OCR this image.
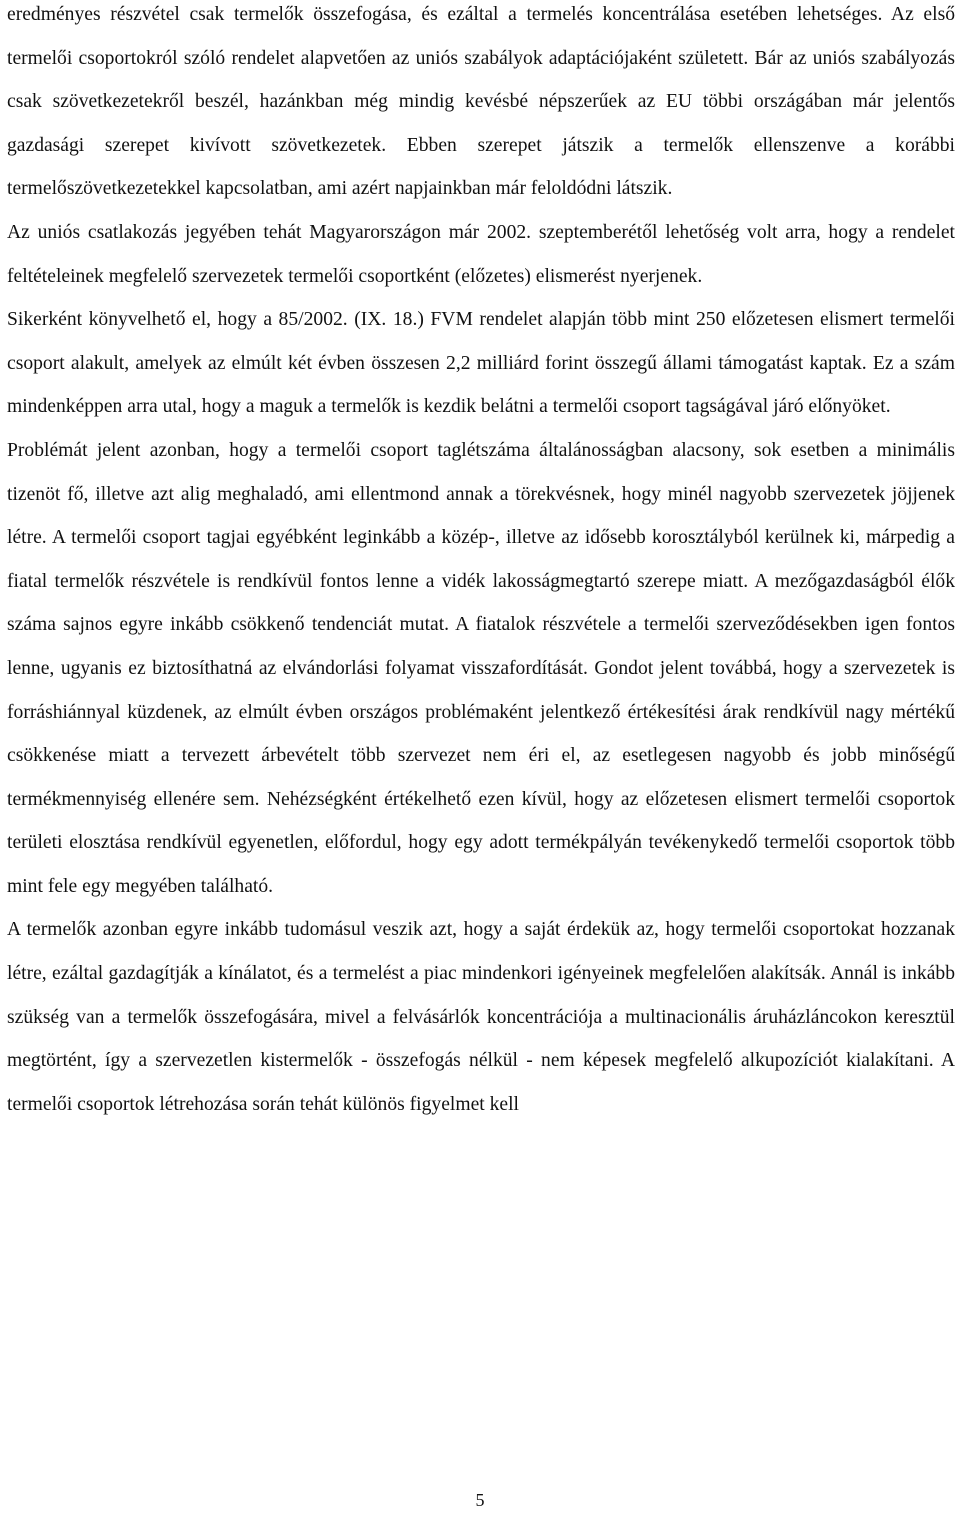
eredményes részvétel csak termelők összefogása, és ezáltal a termelés koncentrálása esetében lehetséges. Az első termelői csoportokról szóló rendelet alapvetően az uniós szabályok adaptációjaként született. Bár az uniós szabályozás csak szövetkezetekről beszél, hazánkban még mindig kevésbé népszerűek az EU többi országában már jelentős gazdasági szerepet kivívott szövetkezetek. Ebben szerepet játszik a termelők ellenszenve a korábbi termelőszövetkezetekkel kapcsolatban, ami azért napjainkban már feloldódni látszik.

Az uniós csatlakozás jegyében tehát Magyarországon már 2002. szeptemberétől lehetőség volt arra, hogy a rendelet feltételeinek megfelelő szervezetek termelői csoportként (előzetes) elismerést nyerjenek.

Sikerként könyvelhető el, hogy a 85/2002. (IX. 18.) FVM rendelet alapján több mint 250 előzetesen elismert termelői csoport alakult, amelyek az elmúlt két évben összesen 2,2 milliárd forint összegű állami támogatást kaptak. Ez a szám mindenképpen arra utal, hogy a maguk a termelők is kezdik belátni a termelői csoport tagságával járó előnyöket.

Problémát jelent azonban, hogy a termelői csoport taglétszáma általánosságban alacsony, sok esetben a minimális tizenöt fő, illetve azt alig meghaladó, ami ellentmond annak a törekvésnek, hogy minél nagyobb szervezetek jöjjenek létre. A termelői csoport tagjai egyébként leginkább a közép-, illetve az idősebb korosztályból kerülnek ki, márpedig a fiatal termelők részvétele is rendkívül fontos lenne a vidék lakosságmegtartó szerepe miatt. A mezőgazdaságból élők száma sajnos egyre inkább csökkenő tendenciát mutat. A fiatalok részvétele a termelői szerveződésekben igen fontos lenne, ugyanis ez biztosíthatná az elvándorlási folyamat visszafordítását. Gondot jelent továbbá, hogy a szervezetek is forráshiánnyal küzdenek, az elmúlt évben országos problémaként jelentkező értékesítési árak rendkívül nagy mértékű csökkenése miatt a tervezett árbevételt több szervezet nem éri el, az esetlegesen nagyobb és jobb minőségű termékmennyiség ellenére sem. Nehézségként értékelhető ezen kívül, hogy az előzetesen elismert termelői csoportok területi elosztása rendkívül egyenetlen, előfordul, hogy egy adott termékpályán tevékenykedő termelői csoportok több mint fele egy megyében található.

A termelők azonban egyre inkább tudomásul veszik azt, hogy a saját érdekük az, hogy termelői csoportokat hozzanak létre, ezáltal gazdagítják a kínálatot, és a termelést a piac mindenkori igényeinek megfelelően alakítsák. Annál is inkább szükség van a termelők összefogására, mivel a felvásárlók koncentrációja a multinacionális áruházláncokon keresztül megtörtént, így a szervezetlen kistermelők - összefogás nélkül - nem képesek megfelelő alkupozíciót kialakítani. A termelői csoportok létrehozása során tehát különös figyelmet kell

5
